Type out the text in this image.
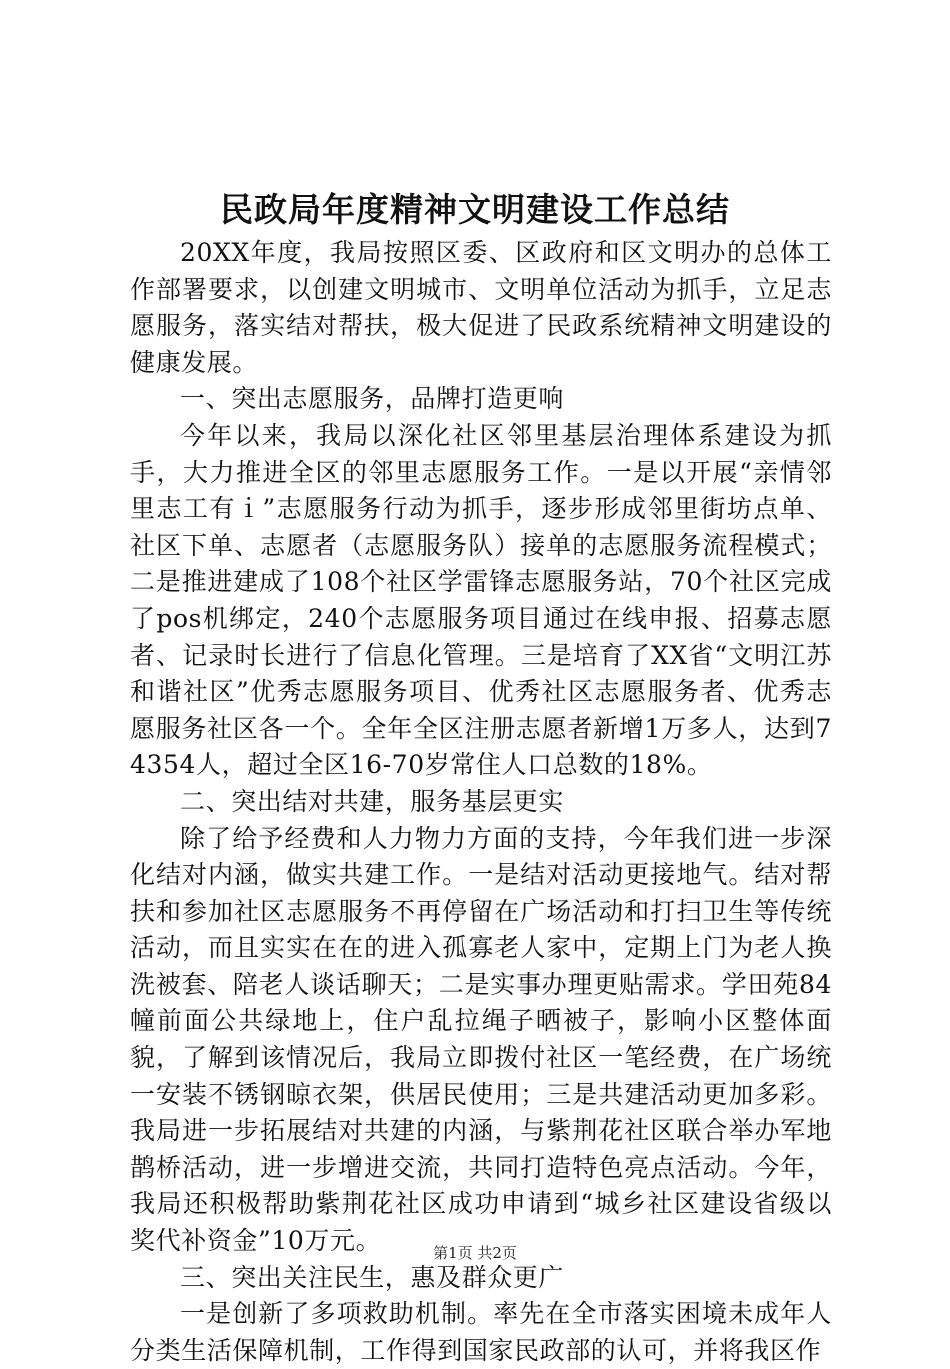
民政局年度精神文明建设工作总结

20XX年度，我局按照区委、区政府和区文明办的总体工作部署要求，以创建文明城市、文明单位活动为抓手，立足志愿服务，落实结对帮扶，极大促进了民政系统精神文明建设的健康发展。

一、突出志愿服务，品牌打造更响

今年以来，我局以深化社区邻里基层治理体系建设为抓手，大力推进全区的邻里志愿服务工作。一是以开展“亲情邻里志工有ｉ”志愿服务行动为抓手，逐步形成邻里街坊点单、社区下单、志愿者（志愿服务队）接单的志愿服务流程模式；二是推进建成了108个社区学雷锋志愿服务站，70个社区完成了pos机绑定，240个志愿服务项目通过在线申报、招募志愿者、记录时长进行了信息化管理。三是培育了XX省“文明江苏和谐社区”优秀志愿服务项目、优秀社区志愿服务者、优秀志愿服务社区各一个。全年全区注册志愿者新增1万多人，达到74354人，超过全区16-70岁常住人口总数的18%。

二、突出结对共建，服务基层更实

除了给予经费和人力物力方面的支持，今年我们进一步深化结对内涵，做实共建工作。一是结对活动更接地气。结对帮扶和参加社区志愿服务不再停留在广场活动和打扫卫生等传统活动，而且实实在在的进入孤寡老人家中，定期上门为老人换洗被套、陪老人谈话聊天；二是实事办理更贴需求。学田苑84幢前面公共绿地上，住户乱拉绳子晒被子，影响小区整体面貌，了解到该情况后，我局立即拨付社区一笔经费，在广场统一安装不锈钢晾衣架，供居民使用；三是共建活动更加多彩。我局进一步拓展结对共建的内涵，与紫荆花社区联合举办军地鹊桥活动，进一步增进交流，共同打造特色亮点活动。今年，我局还积极帮助紫荆花社区成功申请到“城乡社区建设省级以奖代补资金”10万元。

三、突出关注民生，惠及群众更广

一是创新了多项救助机制。率先在全市落实困境未成年人分类生活保障机制，工作得到国家民政部的认可，并将我区作

第1页 共2页
